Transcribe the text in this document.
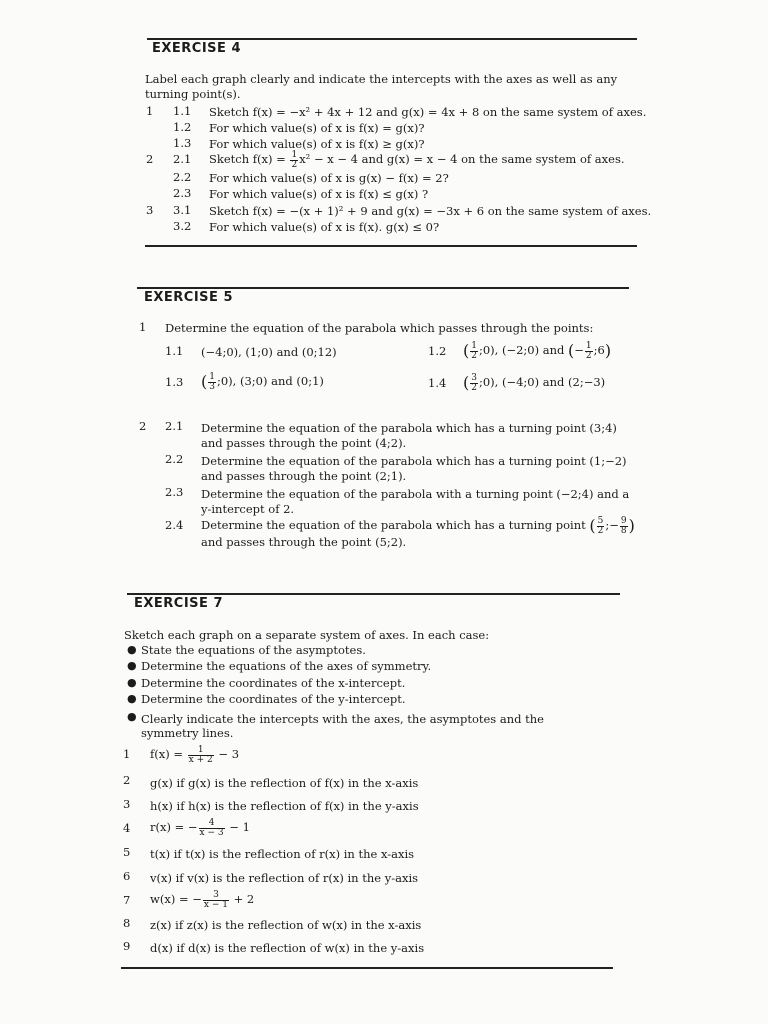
EXERCISE 4
Label each graph clearly and indicate the intercepts with the axes as well as any
turning point(s).
1 1.1 Sketch f(x) = −x² + 4x + 12 and g(x) = 4x + 8 on the same system of axes.
1.2 For which value(s) of x is f(x) = g(x)?
1.3 For which value(s) of x is f(x) ≥ g(x)?
2 2.1 Sketch $f(x) = \frac{1}{2} x^2 - x - 4$ and g(x) = x − 4 on the same system of axes.
2.2 For which value(s) of x is g(x) − f(x) = 2?
2.3 For which value(s) of x is f(x) ≤ g(x) ?
3 3.1 Sketch f(x) = −(x + 1)² + 9 and g(x) = −3x + 6 on the same system of axes.
3.2 For which value(s) of x is f(x). g(x) ≤ 0?
EXERCISE 5
1 Determine the equation of the parabola which passes through the points:
1.1 (−4;0), (1;0) and (0;12)	1.2 ( $\frac{1}{2}$ ;0), (−2;0) and (− $\frac{1}{2}$ ;6)
1.3 ( $\frac{1}{3}$ ;0), (3;0) and (0;1)	1.4 ( $\frac{3}{2}$ ;0), (−4;0) and (2;−3)
2 2.1 Determine the equation of the parabola which has a turning point (3;4)
and passes through the point (4;2).
2.2 Determine the equation of the parabola which has a turning point (1;−2)
and passes through the point (2;1).
2.3 Determine the equation of the parabola with a turning point (−2;4) and a
y-intercept of 2.
2.4 Determine the equation of the parabola which has a turning point ( $\frac{5}{2}$ ;− $\frac{9}{8}$ )
and passes through the point (5;2).
EXERCISE 7
Sketch each graph on a separate system of axes. In each case:
● State the equations of the asymptotes.
● Determine the equations of the axes of symmetry.
● Determine the coordinates of the x-intercept.
● Determine the coordinates of the y-intercept.
● Clearly indicate the intercepts with the axes, the asymptotes and the
symmetry lines.
1 $f(x) = \frac{1}{x + 2} - 3$
2 g(x) if g(x) is the reflection of f(x) in the x-axis
3 h(x) if h(x) is the reflection of f(x) in the y-axis
4 r(x) = − $\frac{4}{x - 3} - 1$
5 t(x) if t(x) is the reflection of r(x) in the x-axis
6 v(x) if v(x) is the reflection of r(x) in the y-axis
7 w(x) = − $\frac{3}{x - 1} + 2$
8 z(x) if z(x) is the reflection of w(x) in the x-axis
9 d(x) if d(x) is the reflection of w(x) in the y-axis
